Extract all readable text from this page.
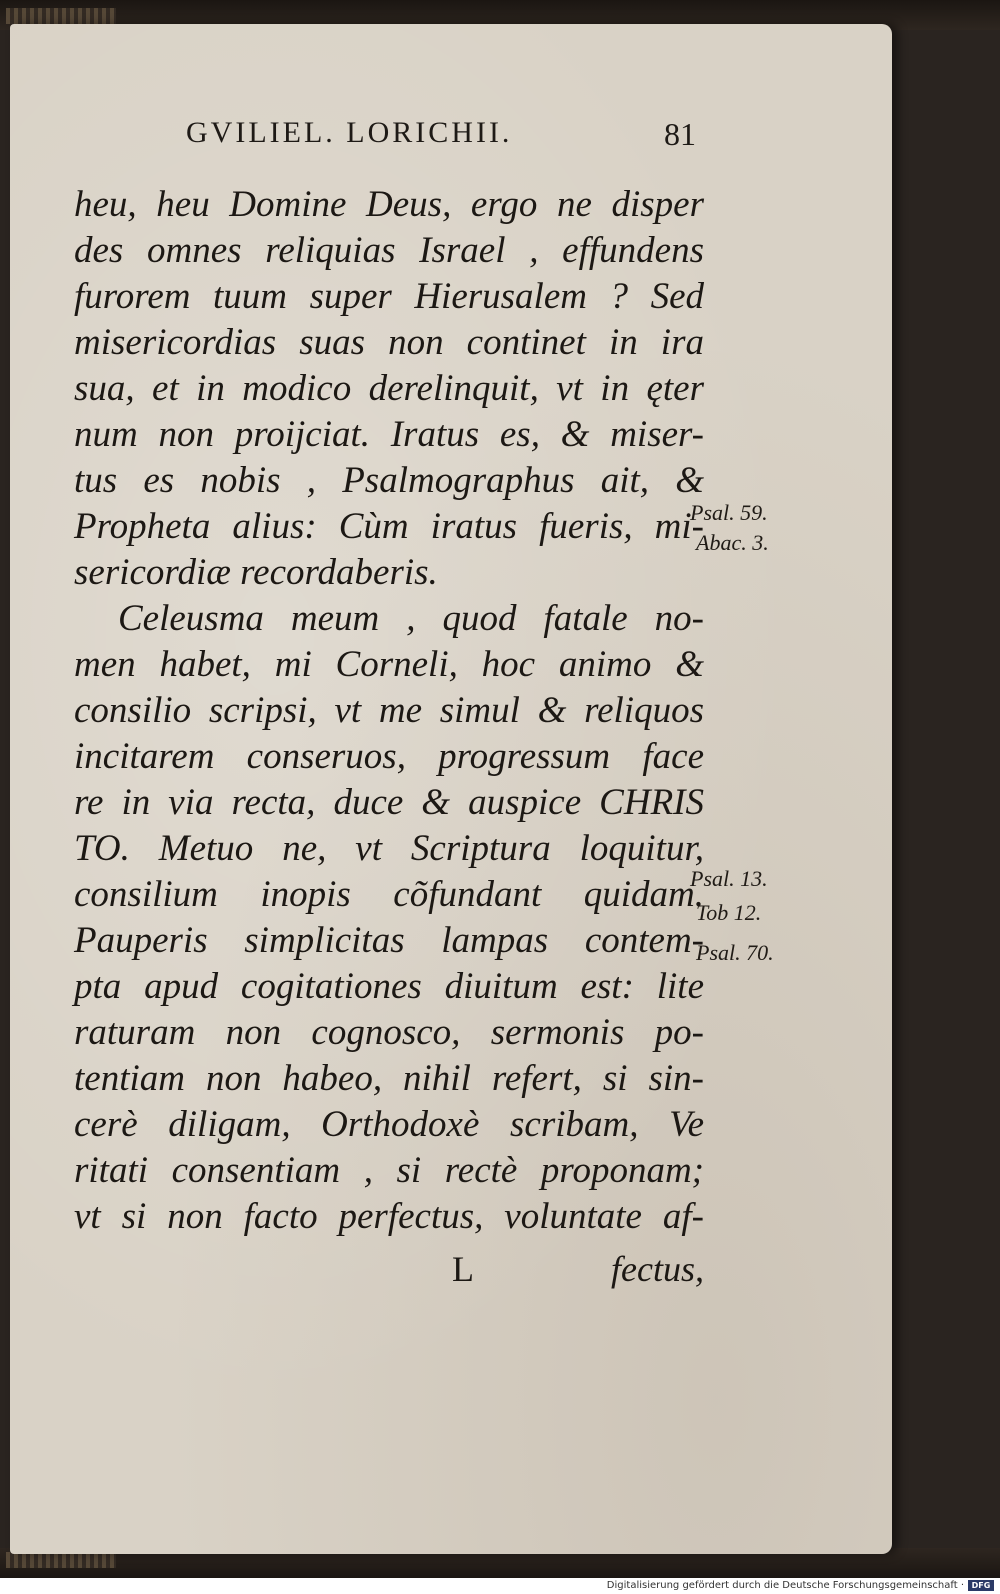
GVILIEL. LORICHII.	81
heu, heu Domine Deus, ergo ne disper
des omnes reliquias Israel , effundens
furorem tuum super Hierusalem ? Sed
misericordias suas non continet in ira
sua, et in modico derelinquit, vt in ęter
num non proijciat. Iratus es, & miser-
tus es nobis , Psalmographus ait, &
Propheta alius: Cùm iratus fueris, mi-
sericordiæ recordaberis.
Celeusma meum , quod fatale no-
men habet, mi Corneli, hoc animo &
consilio scripsi, vt me simul & reliquos
incitarem conseruos, progressum face
re in via recta, duce & auspice CHRIS
TO. Metuo ne, vt Scriptura loquitur,
consilium inopis cõfundant quidam.
Pauperis simplicitas lampas contem-
pta apud cogitationes diuitum est: lite
raturam non cognosco, sermonis po-
tentiam non habeo, nihil refert, si sin-
cerè diligam, Orthodoxè scribam, Ve
ritati consentiam , si rectè proponam;
vt si non facto perfectus, voluntate af-
L	fectus,
Psal. 59.
Abac. 3.
Psal. 13.
Tob 12.
Psal. 70.
Digitalisierung gefördert durch die Deutsche Forschungsgemeinschaft · DFG
